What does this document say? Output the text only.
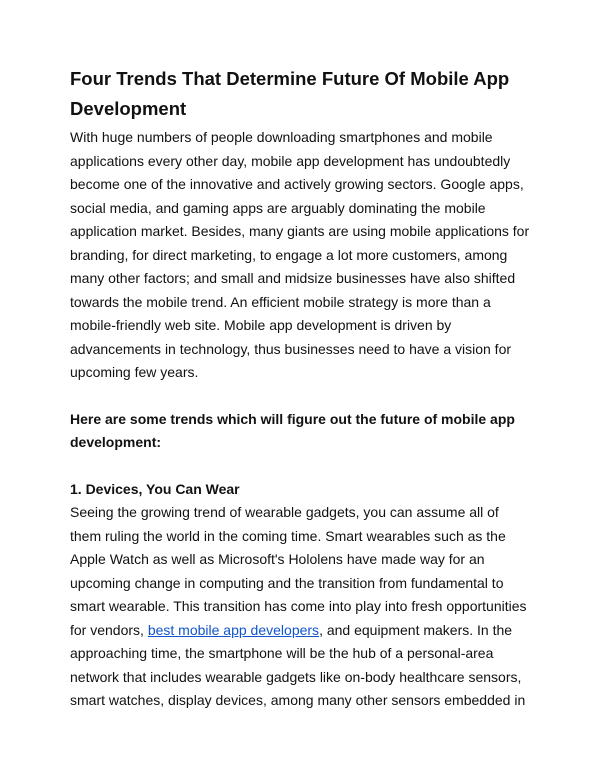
Four Trends That Determine Future Of Mobile App Development

With huge numbers of people downloading smartphones and mobile applications every other day, mobile app development has undoubtedly become one of the innovative and actively growing sectors. Google apps, social media, and gaming apps are arguably dominating the mobile application market. Besides, many giants are using mobile applications for branding, for direct marketing, to engage a lot more customers, among many other factors; and small and midsize businesses have also shifted towards the mobile trend. An efficient mobile strategy is more than a mobile-friendly web site. Mobile app development is driven by advancements in technology, thus businesses need to have a vision for upcoming few years.

Here are some trends which will figure out the future of mobile app development:

1. Devices, You Can Wear

Seeing the growing trend of wearable gadgets, you can assume all of them ruling the world in the coming time. Smart wearables such as the Apple Watch as well as Microsoft's Hololens have made way for an upcoming change in computing and the transition from fundamental to smart wearable. This transition has come into play into fresh opportunities for vendors, best mobile app developers, and equipment makers. In the approaching time, the smartphone will be the hub of a personal-area network that includes wearable gadgets like on-body healthcare sensors, smart watches, display devices, among many other sensors embedded in
